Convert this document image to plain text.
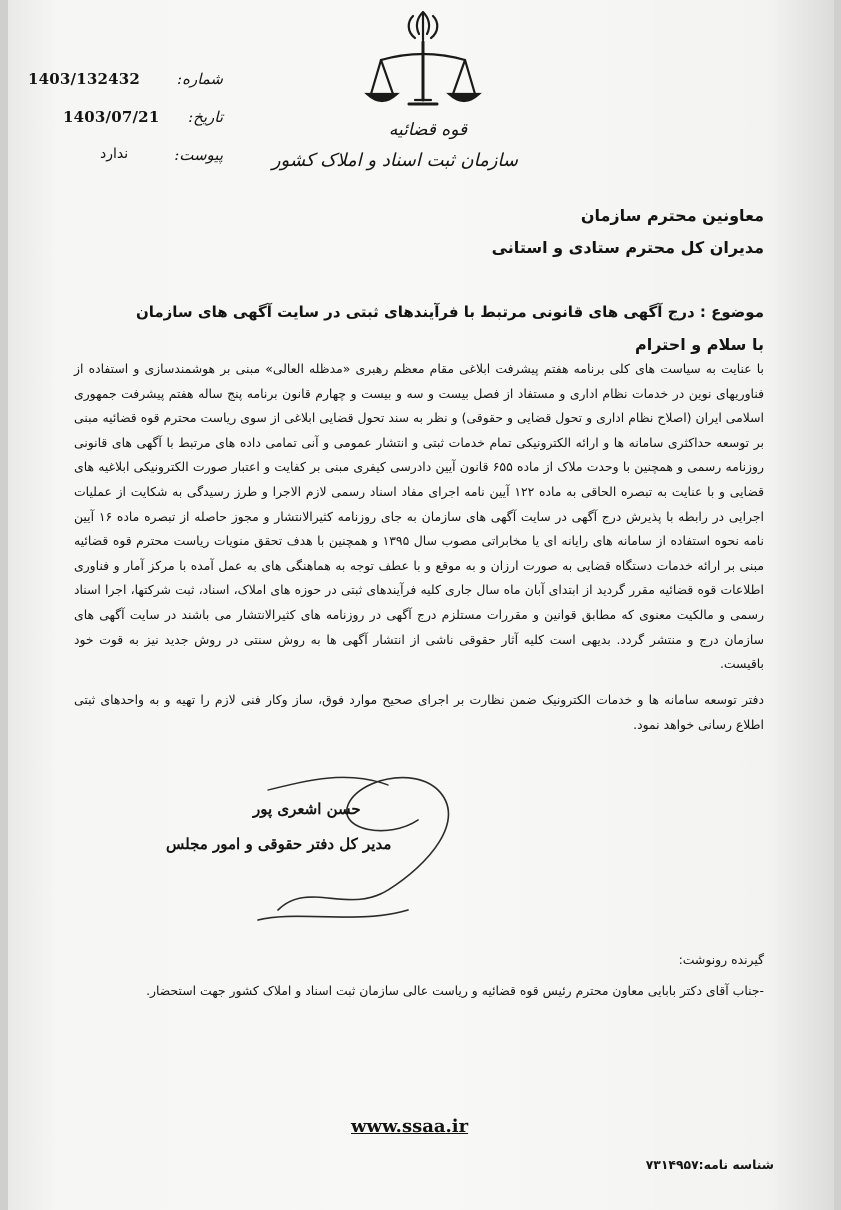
1403/132432 شماره:
1403/07/21 تاریخ:
ندارد	پیوست:
قوه قضائیه
سازمان ثبت اسناد و املاک کشور
معاونین محترم سازمان
مدیران کل محترم ستادی و استانی
موضوع : درج آگهی های قانونی مرتبط با فرآیندهای ثبتی در سایت آگهی های سازمان
با سلام و احترام

با عنایت به سیاست های کلی برنامه هفتم پیشرفت ابلاغی مقام معظم رهبری «مدظله العالی» مبنی بر هوشمندسازی و استفاده از فناوریهای نوین در خدمات نظام اداری و مستفاد از فصل بیست و سه و بیست و چهارم قانون برنامه پنج ساله هفتم پیشرفت جمهوری اسلامی ایران (اصلاح نظام اداری و تحول قضایی و حقوقی) و نظر به سند تحول قضایی ابلاغی از سوی ریاست محترم قوه قضائیه مبنی بر توسعه حداکثری سامانه ها و ارائه الکترونیکی تمام خدمات ثبتی و انتشار عمومی و آنی تمامی داده های مرتبط با آگهی های قانونی روزنامه رسمی و همچنین با وحدت ملاک از ماده ۶۵۵ قانون آیین دادرسی کیفری مبنی بر کفایت و اعتبار صورت الکترونیکی ابلاغیه های قضایی و با عنایت به تبصره الحاقی به ماده ۱۲۲ آیین نامه اجرای مفاد اسناد رسمی لازم الاجرا و طرز رسیدگی به شکایت از عملیات اجرایی در رابطه با پذیرش درج آگهی در سایت آگهی های سازمان به جای روزنامه کثیرالانتشار و مجوز حاصله از تبصره ماده ۱۶ آیین نامه نحوه استفاده از سامانه های رایانه ای یا مخابراتی مصوب سال ۱۳۹۵ و همچنین با هدف تحقق منویات ریاست محترم قوه قضائیه مبنی بر ارائه خدمات دستگاه قضایی به صورت ارزان و به موقع و با عطف توجه به هماهنگی های به عمل آمده با مرکز آمار و فناوری اطلاعات قوه قضائیه مقرر گردید از ابتدای آبان ماه سال جاری کلیه فرآیندهای ثبتی در حوزه های املاک، اسناد، ثبت شرکتها، اجرا اسناد رسمی و مالکیت معنوی که مطابق قوانین و مقررات مستلزم درج آگهی در روزنامه های کثیرالانتشار می باشند در سایت آگهی های سازمان درج و منتشر گردد. بدیهی است کلیه آثار حقوقی ناشی از انتشار آگهی ها به روش سنتی در روش جدید نیز به قوت خود باقیست.

دفتر توسعه سامانه ها و خدمات الکترونیک ضمن نظارت بر اجرای صحیح موارد فوق، ساز وکار فنی لازم را تهیه و به واحدهای ثبتی اطلاع رسانی خواهد نمود.

حسن اشعری پور
مدیر کل دفتر حقوقی و امور مجلس
گیرنده رونوشت:
-جناب آقای دکتر بابایی معاون محترم رئیس قوه قضائیه و ریاست عالی سازمان ثبت اسناد و املاک کشور جهت استحضار.
www.ssaa.ir
شناسه نامه:۷۳۱۴۹۵۷
